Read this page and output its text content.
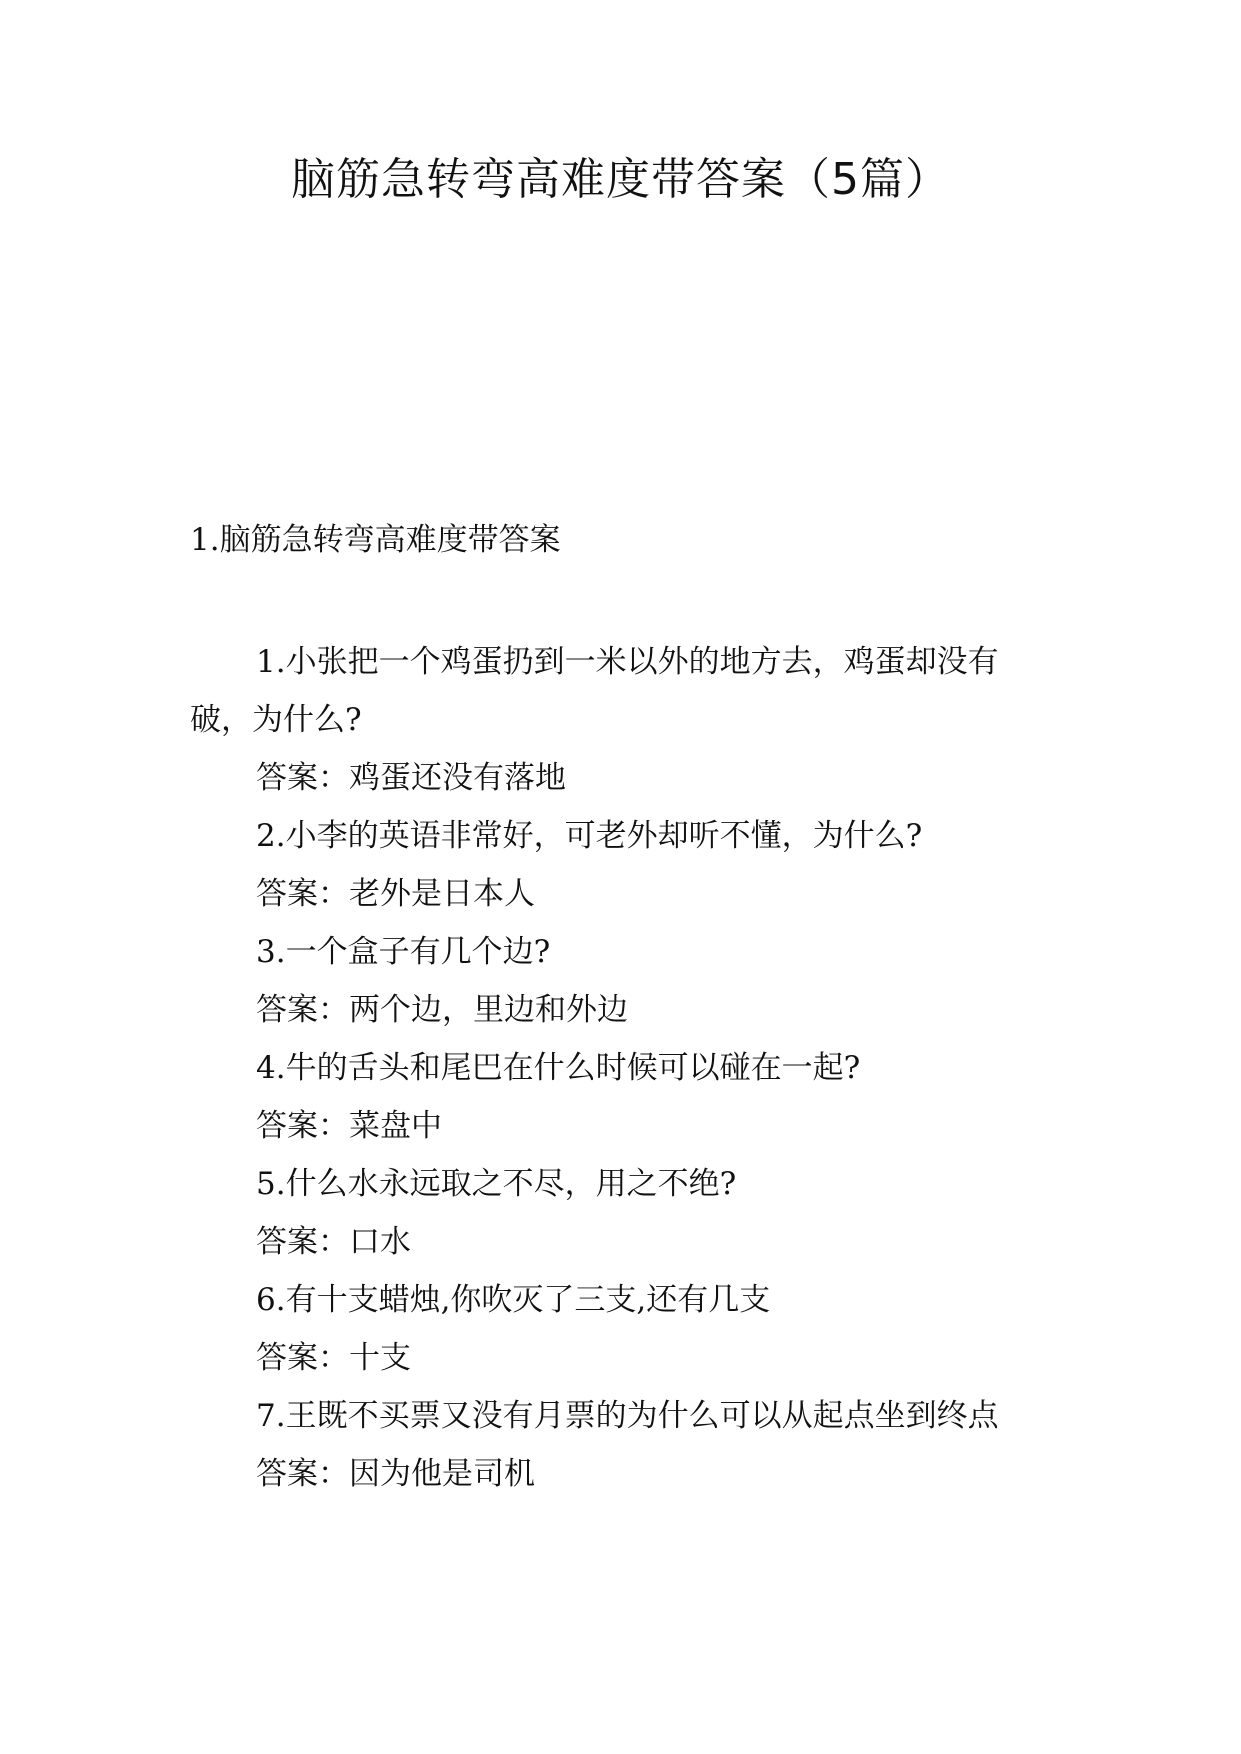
脑筋急转弯高难度带答案（5篇）
1.脑筋急转弯高难度带答案

1.小张把一个鸡蛋扔到一米以外的地方去，鸡蛋却没有破，为什么?

答案：鸡蛋还没有落地

2.小李的英语非常好，可老外却听不懂，为什么?

答案：老外是日本人

3.一个盒子有几个边?

答案：两个边，里边和外边

4.牛的舌头和尾巴在什么时候可以碰在一起?

答案：菜盘中

5.什么水永远取之不尽，用之不绝?

答案：口水

6.有十支蜡烛,你吹灭了三支,还有几支

答案：十支

7.王既不买票又没有月票的为什么可以从起点坐到终点

答案：因为他是司机
